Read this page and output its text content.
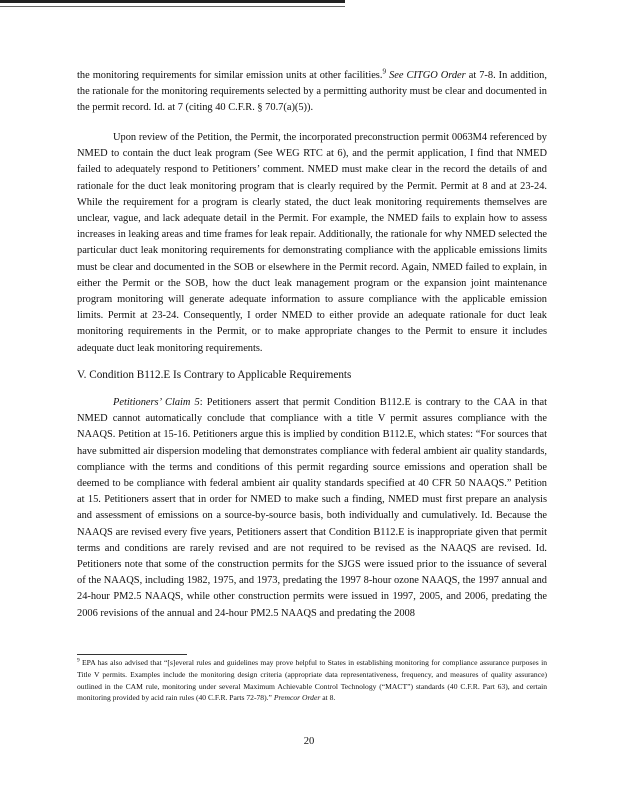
the monitoring requirements for similar emission units at other facilities.$^9$ See CITGO Order at 7-8. In addition, the rationale for the monitoring requirements selected by a permitting authority must be clear and documented in the permit record. Id. at 7 (citing 40 C.F.R. § 70.7(a)(5)).

Upon review of the Petition, the Permit, the incorporated preconstruction permit 0063M4 referenced by NMED to contain the duct leak program (See WEG RTC at 6), and the permit application, I find that NMED failed to adequately respond to Petitioners’ comment. NMED must make clear in the record the details of and rationale for the duct leak monitoring program that is clearly required by the Permit. Permit at 8 and at 23-24. While the requirement for a program is clearly stated, the duct leak monitoring requirements themselves are unclear, vague, and lack adequate detail in the Permit. For example, the NMED fails to explain how to assess increases in leaking areas and time frames for leak repair. Additionally, the rationale for why NMED selected the particular duct leak monitoring requirements for demonstrating compliance with the applicable emissions limits must be clear and documented in the SOB or elsewhere in the Permit record. Again, NMED failed to explain, in either the Permit or the SOB, how the duct leak management program or the expansion joint maintenance program monitoring will generate adequate information to assure compliance with the applicable emission limits. Permit at 23-24. Consequently, I order NMED to either provide an adequate rationale for duct leak monitoring requirements in the Permit, or to make appropriate changes to the Permit to ensure it includes adequate duct leak monitoring requirements.

V. Condition B112.E Is Contrary to Applicable Requirements

Petitioners’ Claim 5: Petitioners assert that permit Condition B112.E is contrary to the CAA in that NMED cannot automatically conclude that compliance with a title V permit assures compliance with the NAAQS. Petition at 15-16. Petitioners argue this is implied by condition B112.E, which states: “For sources that have submitted air dispersion modeling that demonstrates compliance with federal ambient air quality standards, compliance with the terms and conditions of this permit regarding source emissions and operation shall be deemed to be compliance with federal ambient air quality standards specified at 40 CFR 50 NAAQS.” Petition at 15. Petitioners assert that in order for NMED to make such a finding, NMED must first prepare an analysis and assessment of emissions on a source-by-source basis, both individually and cumulatively. Id. Because the NAAQS are revised every five years, Petitioners assert that Condition B112.E is inappropriate given that permit terms and conditions are rarely revised and are not required to be revised as the NAAQS are revised. Id. Petitioners note that some of the construction permits for the SJGS were issued prior to the issuance of several of the NAAQS, including 1982, 1975, and 1973, predating the 1997 8-hour ozone NAAQS, the 1997 annual and 24-hour PM2.5 NAAQS, while other construction permits were issued in 1997, 2005, and 2006, predating the 2006 revisions of the annual and 24-hour PM2.5 NAAQS and predating the 2008

$^9$ EPA has also advised that “[s]everal rules and guidelines may prove helpful to States in establishing monitoring for compliance assurance purposes in Title V permits. Examples include the monitoring design criteria (appropriate data representativeness, frequency, and measures of quality assurance) outlined in the CAM rule, monitoring under several Maximum Achievable Control Technology (“MACT”) standards (40 C.F.R. Part 63), and certain monitoring provided by acid rain rules (40 C.F.R. Parts 72-78).” Premcor Order at 8.

20
